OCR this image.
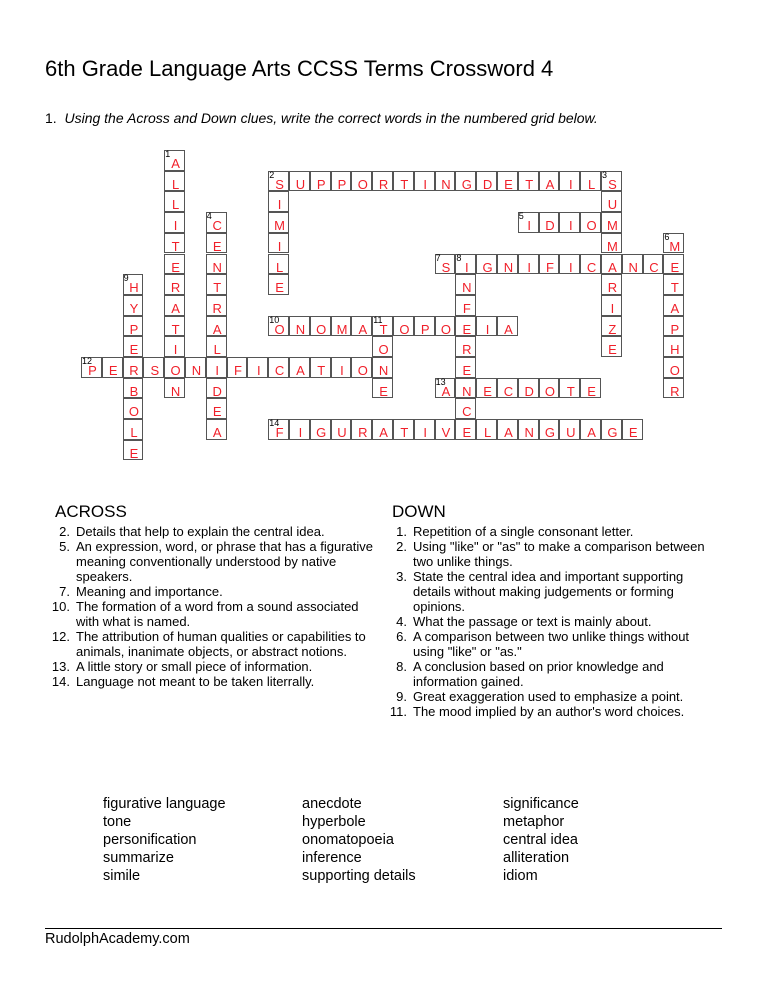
6th Grade Language Arts CCSS Terms Crossword 4
1. Using the Across and Down clues, write the correct words in the numbered grid below.
A
1
L
L
I
T
E
R
A
T
I
O
N
S
2
U P P O R T	I	N G D E T A	I	L S
3
I
M
I
L
E
U
M
M
A
R
I
Z
E
C
4
E
N
T
R
A
L
I
D
E
A
I
5
D	I	O
M
6
E
T
A
P
H
O
R
S
7
I
8
G N	I	F	I	C N C
N
F
E
R
E
N
C
E
H
9
Y
P
E
R
B
O
L
E
O
10
N O M A T
11
O P O	I	A
O
N
E
P
12
E	S	N	F	I	C A T	I	O
A
13
E C D O T E
F
14
I	G U R A T	I	V	L A N G U A G E
ACROSS
2. Details that help to explain the central idea.
5. An expression, word, or phrase that has a figurative meaning conventionally understood by native speakers.
7. Meaning and importance.
10. The formation of a word from a sound associated with what is named.
12. The attribution of human qualities or capabilities to animals, inanimate objects, or abstract notions.
13. A little story or small piece of information.
14. Language not meant to be taken literrally.
DOWN
1. Repetition of a single consonant letter.
2. Using "like" or "as" to make a comparison between two unlike things.
3. State the central idea and important supporting details without making judgements or forming opinions.
4. What the passage or text is mainly about.
6. A comparison between two unlike things without using "like" or "as."
8. A conclusion based on prior knowledge and information gained.
9. Great exaggeration used to emphasize a point.
11. The mood implied by an author's word choices.
figurative language
tone
personification
summarize
simile
anecdote
hyperbole
onomatopoeia
inference
supporting details
significance
metaphor
central idea
alliteration
idiom
RudolphAcademy.com
